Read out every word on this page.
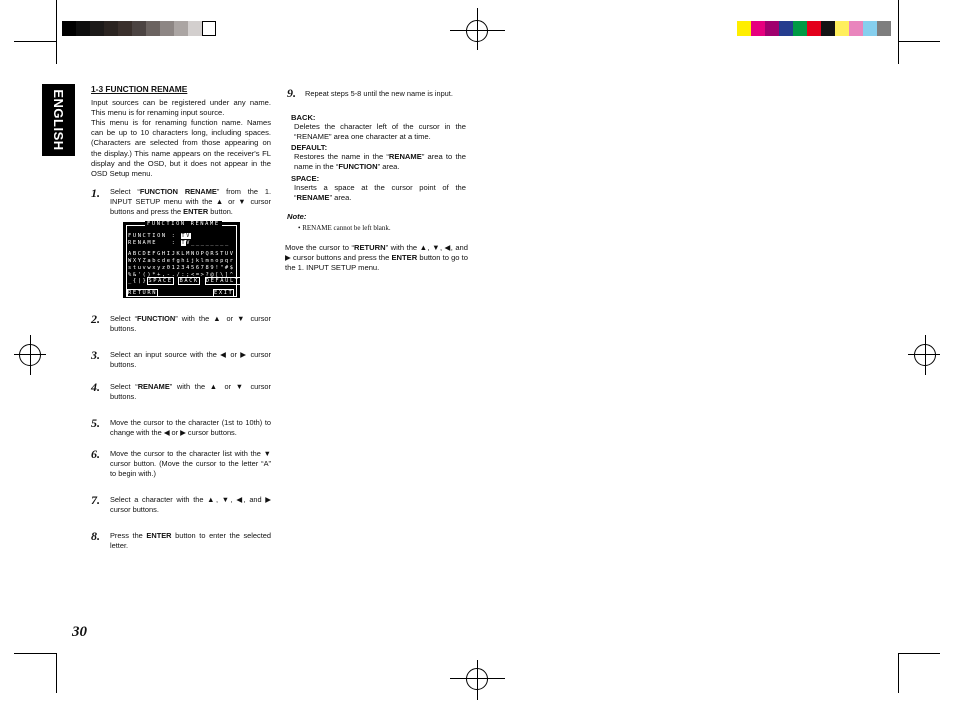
ENGLISH
1-3 FUNCTION RENAME
Input sources can be registered under any name. This menu is for renaming input source.
This menu is for renaming function name. Names can be up to 10 characters long, including spaces. (Characters are selected from those appearing on the display.) This name appears on the receiver's FL display and the OSD, but it does not appear in the OSD Setup menu.
1. Select “FUNCTION RENAME” from the 1. INPUT SETUP menu with the ▲ or ▼ cursor buttons and press the ENTER button.
FUNCTION RENAME
FUNCTION : TV
RENAME   : TV________
ABCDEFGHIJKLMNOPQRSTUV
WXYZabcdefghijklmnopqr
stuvwxyz0123456789!"#$
%&'()*+,-./:;<=>?@[\]^
_{|}SPACE BACK DEFAULT
RETURN	EXIT
2. Select “FUNCTION” with the ▲ or ▼ cursor buttons.
3. Select an input source with the ◀ or ▶ cursor buttons.
4. Select “RENAME” with the ▲ or ▼ cursor buttons.
5. Move the cursor to the character (1st to 10th) to change with the ◀ or ▶ cursor buttons.
6. Move the cursor to the character list with the ▼ cursor button. (Move the cursor to the letter “A” to begin with.)
7. Select a character with the ▲, ▼, ◀, and ▶ cursor buttons.
8. Press the ENTER button to enter the selected letter.
30
9. Repeat steps 5-8 until the new name is input.
BACK:
Deletes the character left of the cursor in the “RENAME” area one character at a time.
DEFAULT:
Restores the name in the “RENAME” area to the name in the “FUNCTION” area.
SPACE:
Inserts a space at the cursor point of the “RENAME” area.
Note:
• RENAME cannot be left blank.
Move the cursor to “RETURN” with the ▲, ▼, ◀, and ▶ cursor buttons and press the ENTER button to go to the 1. INPUT SETUP menu.
